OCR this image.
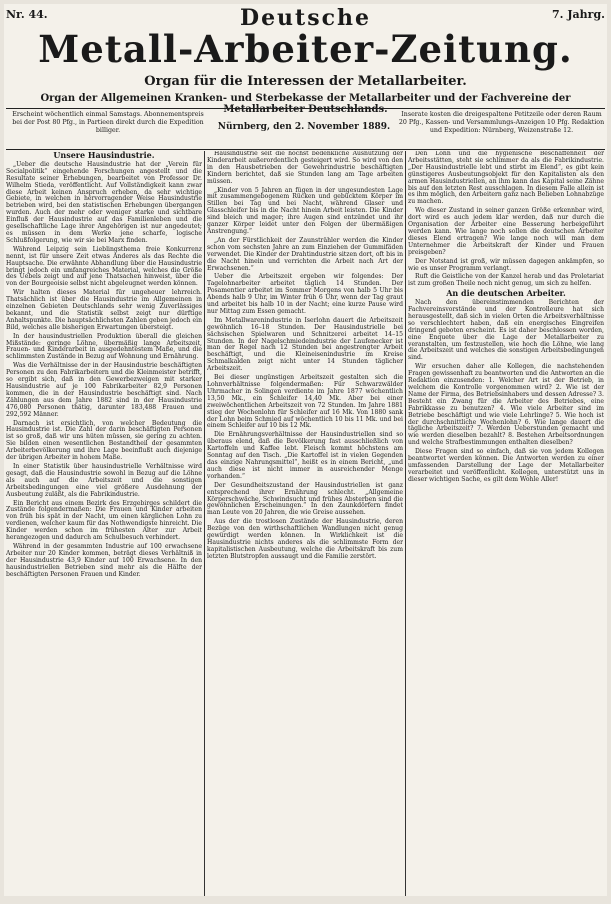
Nr. 44.	Deutsche	7. Jahrg.
Metall-Arbeiter-Zeitung.
Organ für die Interessen der Metallarbeiter.
Organ der Allgemeinen Kranken- und Sterbekasse der Metallarbeiter und der Fachvereine der Metallarbeiter Deutschlands.
Erscheint wöchentlich einmal Samstags. Abonnementspreis bei der Post 80 Pfg., in Partieen direkt durch die Expedition billiger.	Nürnberg, den 2. November 1889.
Inserate kosten die dreigespaltene Petitzeile oder deren Raum 20 Pfg., Kassen- und Versammlungs-Anzeigen 10 Pfg. Redaktion und Expedition: Nürnberg, Weizenstraße 12.
Unsere Hausindustrie.

„Ueber die deutsche Hausindustrie hat der „Verein für Socialpolitik“ eingehende Forschungen angestellt und die Resultate seiner Erhebungen, bearbeitet von Professor Dr. Wilhelm Stieda, veröffentlicht. Auf Vollständigkeit kann zwar diese Arbeit keinen Anspruch erheben, da sehr wichtige Gebiete, in welchen in hervorragender Weise Hausindustrie betrieben wird, bei den statistischen Erhebungen übergangen wurden. Auch der mehr oder weniger starke und sichtbare Einfluß der Hausindustrie auf das Familienleben und die gesellschaftliche Lage ihrer Angehörigen ist nur angedeutet; es müssen in dem Werke jene scharfe, logische Schlußfolgerung, wie wir sie bei Marx finden.

Während Leipzig sein Lieblingsthema freie Konkurrenz nennt, ist für unsere Zeit etwas Anderes als das Rechte die Hauptsache. Die erwähnte Abhandlung über die Hausindustrie bringt jedoch ein umfangreiches Material, welches die Größe des Uebels zeigt und auf jene Thatsachen hinweist, über die von der Bourgeoisie selbst nicht abgeleugnet werden können.

Wir halten dieses Material für ungeheuer lehrreich. Thatsächlich ist über die Hausindustrie im Allgemeinen in einzelnen Gebieten Deutschlands sehr wenig Zuverlässiges bekannt, und die Statistik selbst zeigt nur dürftige Anhaltspunkte. Die hauptsächlichsten Zahlen geben jedoch ein Bild, welches alle bisherigen Erwartungen übersteigt.

In der hausindustriellen Produktion überall die gleichen Mißstände: geringe Löhne, übermäßig lange Arbeitszeit, Frauen- und Kinderarbeit in ausgedehntestem Maße, und die schlimmsten Zustände in Bezug auf Wohnung und Ernährung.

Was die Verhältnisse der in der Hausindustrie beschäftigten Personen zu den Fabrikarbeitern und die Kleinmeister betrifft, so ergibt sich, daß in den Gewerbezweigen mit starker Hausindustrie auf je 100 Fabrikarbeiter 82,9 Personen kommen, die in der Hausindustrie beschäftigt sind. Nach Zählungen aus dem Jahre 1882 sind in der Hausindustrie 476,080 Personen thätig, darunter 183,488 Frauen und 292,592 Männer.

Darnach ist ersichtlich, von welcher Bedeutung die Hausindustrie ist. Die Zahl der darin beschäftigten Personen ist so groß, daß wir uns hüten müssen, sie gering zu achten. Sie bilden einen wesentlichen Bestandtheil der gesammten Arbeiterbevölkerung und ihre Lage beeinflußt auch diejenige der übrigen Arbeiter in hohem Maße.

In einer Statistik über hausindustrielle Verhältnisse wird gesagt, daß die Hausindustrie sowohl in Bezug auf die Löhne als auch auf die Arbeitszeit und die sonstigen Arbeitsbedingungen eine viel größere Ausdehnung der Ausbeutung zuläßt, als die Fabrikindustrie.

Ein Bericht aus einem Bezirk des Erzgebirges schildert die Zustände folgendermaßen: Die Frauen und Kinder arbeiten von früh bis spät in der Nacht, um einen kärglichen Lohn zu verdienen, welcher kaum für das Nothwendigste hinreicht. Die Kinder werden schon im frühesten Alter zur Arbeit herangezogen und dadurch am Schulbesuch verhindert.

Während in der gesammten Industrie auf 100 erwachsene Arbeiter nur 20 Kinder kommen, beträgt dieses Verhältniß in der Hausindustrie 43,9 Kinder auf 100 Erwachsene. In den hausindustriellen Betrieben sind mehr als die Hälfte der beschäftigten Personen Frauen und Kinder.

Hausindustrie seit die höchst bedenkliche Ausnutzung der Kinderarbeit außerordentlich gesteigert wird. So wird von den in den Hausbetrieben der Gewehrindustrie beschäftigten Kindern berichtet, daß sie Stunden lang am Tage arbeiten müssen.

„Kinder von 5 Jahren an fügen in der ungesundesten Lage mit zusammengebogenem Rücken und gebücktem Körper im Stillen bei Tag und bei Nacht, während Glaser und Glasschleifer bis in die Nacht hinein Arbeit leisten. Die Kinder sind bleich und mager; ihre Augen sind entzündet und ihr ganzer Körper leidet unter den Folgen der übermäßigen Anstrengung.“

„An der Fürstlichkeit der Zaunsträhler werden die Kinder schon vom sechsten Jahre an zum Einziehen der Gummifäden verwendet. Die Kinder der Drahtindustrie sitzen dort, oft bis in die Nacht hinein und verrichten die Arbeit nach Art der Erwachsenen.“

Ueber die Arbeitszeit ergeben wir folgendes: Der Tagelohnarbeiter arbeitet täglich 14 Stunden. Der Posamentier arbeitet im Sommer Morgens von halb 5 Uhr bis Abends halb 9 Uhr, im Winter früh 6 Uhr, wenn der Tag graut und arbeitet bis halb 10 in der Nacht; eine kurze Pause wird nur Mittag zum Essen gemacht.

Im Metallwarenindustrie in Iserlohn dauert die Arbeitszeit gewöhnlich 16–18 Stunden. Der Hausindustrielle bei sächsischen Spielwaren und Schnitzerei arbeitet 14–15 Stunden. In der Nagelschmiedeindustrie der Laufenecker ist man der Regel nach 12 Stunden bei angestrengter Arbeit beschäftigt, und die Kleineisenindustrie im Kreise Schmalkalden zeigt nicht unter 14 Stunden täglicher Arbeitszeit.

Bei dieser ungünstigen Arbeitszeit gestalten sich die Lohnverhältnisse folgendermaßen: Für Schwarzwälder Uhrmacher in Solingen verdiente im Jahre 1877 wöchentlich 13,50 Mk., ein Schleifer 14,40 Mk. Aber bei einer zweiwöchentlichen Arbeitszeit von 72 Stunden. Im Jahre 1881 stieg der Wochenlohn für Schleifer auf 16 Mk. Von 1880 sank der Lohn beim Schmied auf wöchentlich 10 bis 11 Mk. und bei einem Schleifer auf 10 bis 12 Mk.

Die Ernährungsverhältnisse der Hausindustriellen sind so überaus elend, daß die Bevölkerung fast ausschließlich von Kartoffeln und Kaffee lebt. Fleisch kommt höchstens am Sonntag auf den Tisch. „Die Kartoffel ist in vielen Gegenden das einzige Nahrungsmittel“, heißt es in einem Bericht, „und auch diese ist nicht immer in ausreichender Menge vorhanden.“

Der Gesundheitszustand der Hausindustriellen ist ganz entsprechend ihrer Ernährung schlecht. „Allgemeine Körperschwäche, Schwindsucht und frühes Absterben sind die gewöhnlichen Erscheinungen.“ In den Zaunkdörfern findet man Leute von 20 Jahren, die wie Greise aussehen.

Aus der die trostlosen Zustände der Hausindustrie, deren Bezüge von den wirthschaftlichen Wandlungen nicht genug gewürdigt werden können. In Wirklichkeit ist die Hausindustrie nichts anderes als die schlimmste Form der kapitalistischen Ausbeutung, welche die Arbeitskraft bis zum letzten Blutstropfen aussaugt und die Familie zerstört.

Den Lohn und die hygienische Beschaffenheit der Arbeitsstätten, steht sie schlimmer da als die Fabrikindustrie. „Der Hausindustrielle lebt und stirbt im Elend“, es gibt kein günstigeres Ausbeutungsobjekt für den Kapitalisten als den armen Hausindustriellen, an ihm kann das Kapital seine Zähne bis auf den letzten Rest ausschlagen. In diesem Falle allein ist es ihm möglich, den Arbeitern ganz nach Belieben Lohnabzüge zu machen.

Wo dieser Zustand in seiner ganzen Größe erkennbar wird, dort wird es auch jedem klar werden, daß nur durch die Organisation der Arbeiter eine Besserung herbeigeführt werden kann. Wie lange noch sollen die deutschen Arbeiter dieses Elend ertragen? Wie lange noch will man dem Unternehmer die Arbeitskraft der Kinder und Frauen preisgeben?

Der Notstand ist groß, wir müssen dagegen ankämpfen, so wie es unser Programm verlangt.

Ruft die Geistliche von der Kanzel herab und das Proletariat ist zum großen Theile noch nicht genug, um sich zu helfen.

An die deutschen Arbeiter.

Nach den übereinstimmenden Berichten der Fachvereinsvorstände und der Kontrolleure hat sich herausgestellt, daß sich in vielen Orten die Arbeitsverhältnisse so verschlechtert haben, daß ein energisches Eingreifen dringend geboten erscheint. Es ist daher beschlossen worden, eine Enquete über die Lage der Metallarbeiter zu veranstalten, um festzustellen, wie hoch die Löhne, wie lang die Arbeitszeit und welches die sonstigen Arbeitsbedingungen sind.

Wir ersuchen daher alle Kollegen, die nachstehenden Fragen gewissenhaft zu beantworten und die Antworten an die Redaktion einzusenden: 1. Welcher Art ist der Betrieb, in welchem die Kontrolle vorgenommen wird? 2. Wie ist der Name der Firma, des Betriebsinhabers und dessen Adresse? 3. Besteht ein Zwang für die Arbeiter des Betriebes, eine Fabrikkasse zu benutzen? 4. Wie viele Arbeiter sind im Betriebe beschäftigt und wie viele Lehrlinge? 5. Wie hoch ist der durchschnittliche Wochenlohn? 6. Wie lange dauert die tägliche Arbeitszeit? 7. Werden Ueberstunden gemacht und wie werden dieselben bezahlt? 8. Bestehen Arbeitsordnungen und welche Strafbestimmungen enthalten dieselben?

Diese Fragen sind so einfach, daß sie von jedem Kollegen beantwortet werden können. Die Antworten werden zu einer umfassenden Darstellung der Lage der Metallarbeiter verarbeitet und veröffentlicht. Kollegen, unterstützt uns in dieser wichtigen Sache, es gilt dem Wohle Aller!
